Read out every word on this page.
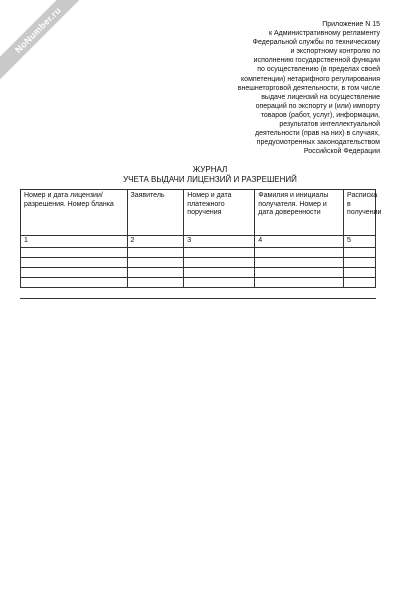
NoNumber.ru	Приложение N 15
к Административному регламенту
Федеральной службы по техническому
и экспортному контролю по
исполнению государственной функции
по осуществлению (в пределах своей
компетенции) нетарифного регулирования
внешнеторговой деятельности, в том числе
выдаче лицензий на осуществление
операций по экспорту и (или) импорту
товаров (работ, услуг), информации,
результатов интеллектуальной
деятельности (прав на них) в случаях,
предусмотренных законодательством
Российской Федерации
ЖУРНАЛ
УЧЕТА ВЫДАЧИ ЛИЦЕНЗИЙ И РАЗРЕШЕНИЙ
Номер и дата лицензии/разрешения. Номер бланка	Заявитель	Номер и дата платежного поручения	Фамилия и инициалы получателя. Номер и дата доверенности	Расписка в получении
1	2	3	4	5
